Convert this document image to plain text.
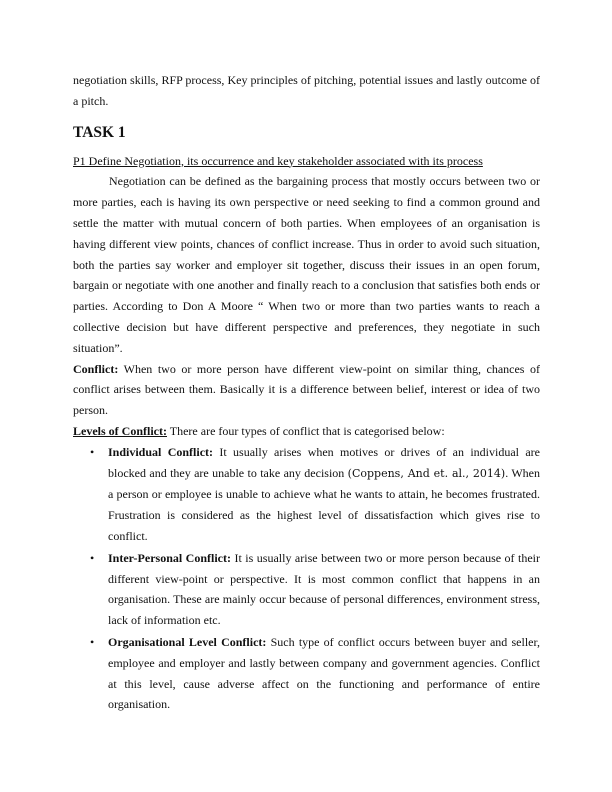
negotiation skills, RFP process, Key principles of pitching, potential issues and lastly outcome of a pitch.

TASK 1

P1 Define Negotiation, its occurrence and key stakeholder associated with its process

Negotiation can be defined as the bargaining process that mostly occurs between two or more parties, each is having its own perspective or need seeking to find a common ground and settle the matter with mutual concern of both parties. When employees of an organisation is having different view points, chances of conflict increase. Thus in order to avoid such situation, both the parties say worker and employer sit together, discuss their issues in an open forum, bargain or negotiate with one another and finally reach to a conclusion that satisfies both ends or parties. According to Don A Moore “ When two or more than two parties wants to reach a collective decision but have different perspective and preferences, they negotiate in such situation”.

Conflict: When two or more person have different view-point on similar thing, chances of conflict arises between them. Basically it is a difference between belief, interest or idea of two person.

Levels of Conflict: There are four types of conflict that is categorised below:

• Individual Conflict: It usually arises when motives or drives of an individual are blocked and they are unable to take any decision (Coppens, And et. al., 2014). When a person or employee is unable to achieve what he wants to attain, he becomes frustrated. Frustration is considered as the highest level of dissatisfaction which gives rise to conflict.

• Inter-Personal Conflict: It is usually arise between two or more person because of their different view-point or perspective. It is most common conflict that happens in an organisation. These are mainly occur because of personal differences, environment stress, lack of information etc.

• Organisational Level Conflict: Such type of conflict occurs between buyer and seller, employee and employer and lastly between company and government agencies. Conflict at this level, cause adverse affect on the functioning and performance of entire organisation.
